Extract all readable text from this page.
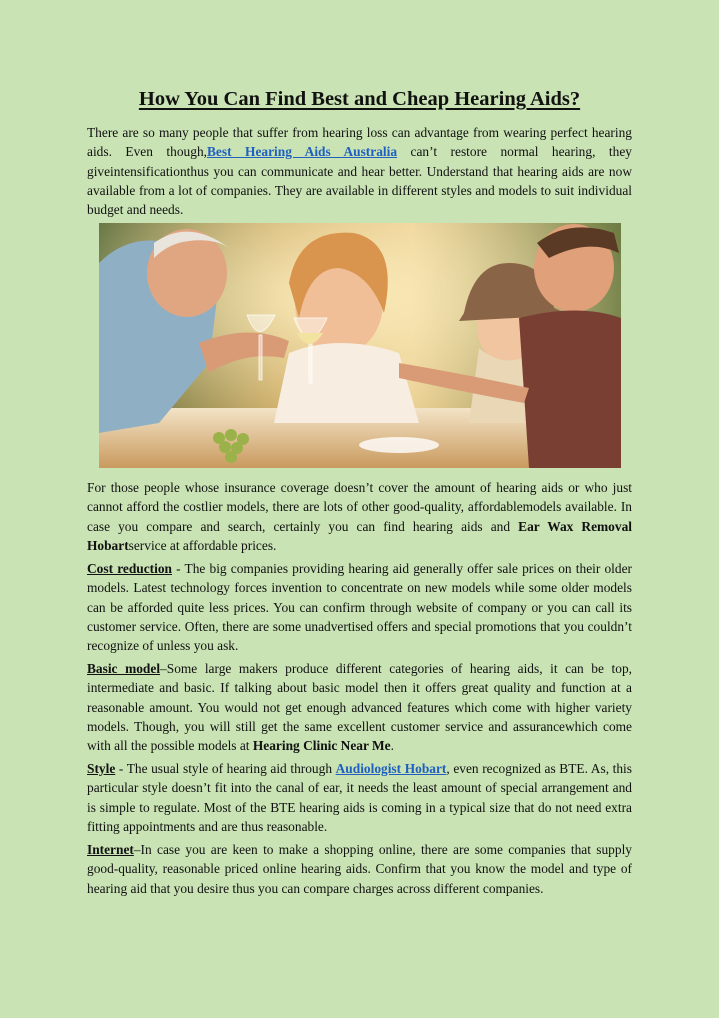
How You Can Find Best and Cheap Hearing Aids?

There are so many people that suffer from hearing loss can advantage from wearing perfect hearing aids. Even though,Best Hearing Aids Australia can’t restore normal hearing, they giveintensificationthus you can communicate and hear better. Understand that hearing aids are now available from a lot of companies. They are available in different styles and models to suit individual budget and needs.

For those people whose insurance coverage doesn’t cover the amount of hearing aids or who just cannot afford the costlier models, there are lots of other good-quality, affordablemodels available. In case you compare and search, certainly you can find hearing aids and Ear Wax Removal Hobartservice at affordable prices.

Cost reduction - The big companies providing hearing aid generally offer sale prices on their older models. Latest technology forces invention to concentrate on new models while some older models can be afforded quite less prices. You can confirm through website of company or you can call its customer service. Often, there are some unadvertised offers and special promotions that you couldn’t recognize of unless you ask.

Basic model–Some large makers produce different categories of hearing aids, it can be top, intermediate and basic. If talking about basic model then it offers great quality and function at a reasonable amount. You would not get enough advanced features which come with higher variety models. Though, you will still get the same excellent customer service and assurancewhich come with all the possible models at Hearing Clinic Near Me.

Style - The usual style of hearing aid through Audiologist Hobart, even recognized as BTE. As, this particular style doesn’t fit into the canal of ear, it needs the least amount of special arrangement and is simple to regulate. Most of the BTE hearing aids is coming in a typical size that do not need extra fitting appointments and are thus reasonable.

Internet–In case you are keen to make a shopping online, there are some companies that supply good-quality, reasonable priced online hearing aids. Confirm that you know the model and type of hearing aid that you desire thus you can compare charges across different companies.
